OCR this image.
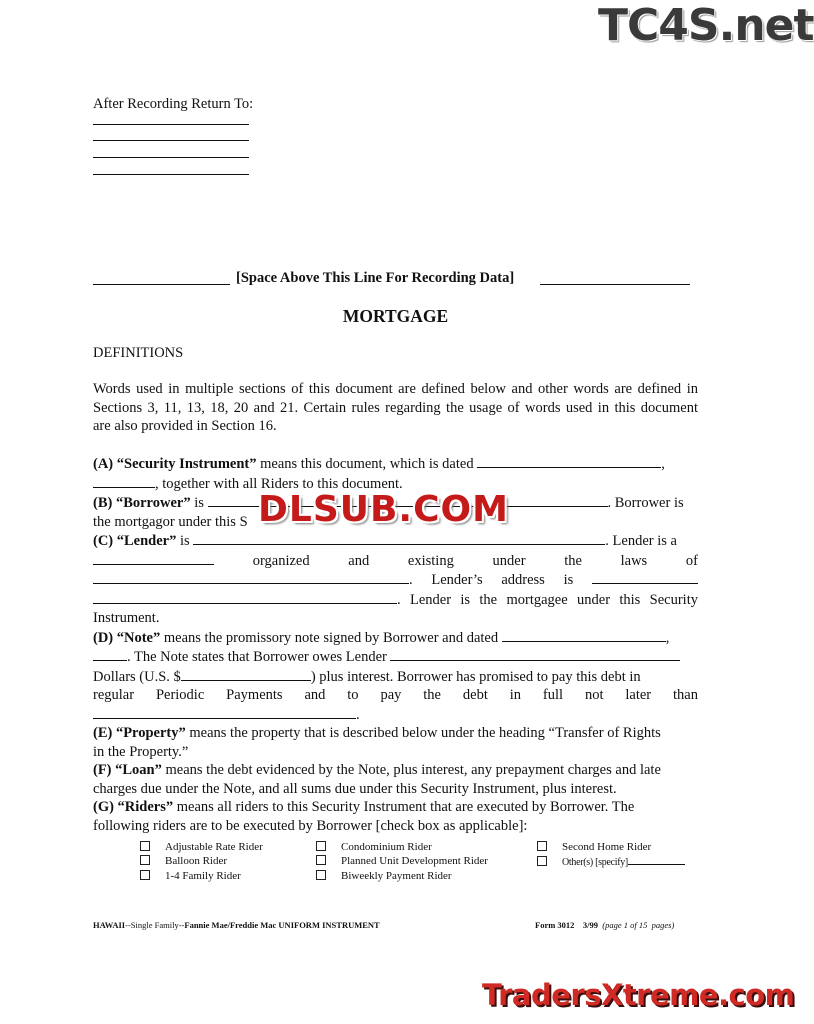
TC4S.net
After Recording Return To:
[Space Above This Line For Recording Data]
MORTGAGE
DEFINITIONS
Words used in multiple sections of this document are defined below and other words are defined in
Sections 3, 11, 13, 18, 20 and 21. Certain rules regarding the usage of words used in this document
are also provided in Section 16.
(A) “Security Instrument” means this document, which is dated	,
, together with all Riders to this document.
(B) “Borrower” is	. Borrower is
the mortgagor under this S
(C) “Lender” is	. Lender is a
organized	and	existing	under	the	laws	of
. Lender’s address is
. Lender is the mortgagee under this Security
Instrument.
(D) “Note” means the promissory note signed by Borrower and dated	,
. The Note states that Borrower owes Lender
Dollars (U.S. $	) plus interest. Borrower has promised to pay this debt in
regular Periodic Payments and to pay the debt in full not later than
.
(E) “Property” means the property that is described below under the heading “Transfer of Rights
in the Property.”
(F) “Loan” means the debt evidenced by the Note, plus interest, any prepayment charges and late
charges due under the Note, and all sums due under this Security Instrument, plus interest.
(G) “Riders” means all riders to this Security Instrument that are executed by Borrower. The
following riders are to be executed by Borrower [check box as applicable]:
DLSUB.COM
Adjustable Rate Rider	Condominium Rider	Second Home Rider
Balloon Rider	Planned Unit Development Rider	Other(s) [specify]
1-4 Family Rider	Biweekly Payment Rider
HAWAII--Single Family--Fannie Mae/Freddie Mac UNIFORM INSTRUMENT	Form 3012    3/99 (page 1 of 15  pages)
TradersXtreme.com
